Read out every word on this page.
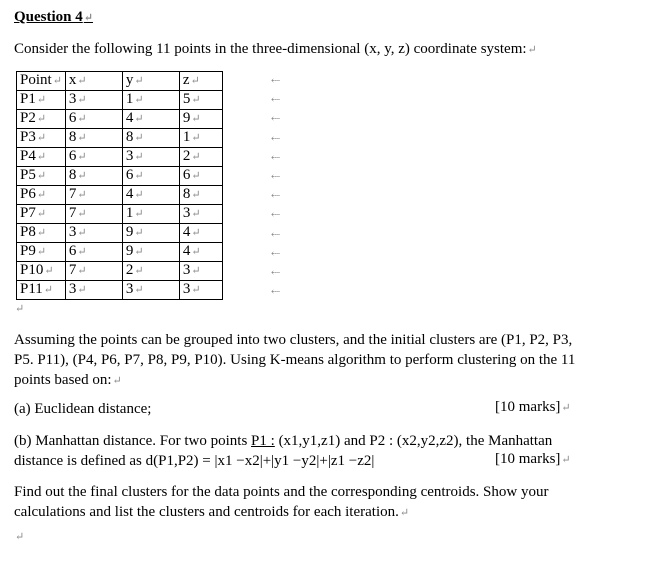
Question 4↵
Consider the following 11 points in the three-dimensional (x, y, z) coordinate system:↵
Point↵	x↵	y↵	z↵
P1↵	3↵	1↵	5↵
P2↵	6↵	4↵	9↵
P3↵	8↵	8↵	1↵
P4↵	6↵	3↵	2↵
P5↵	8↵	6↵	6↵
P6↵	7↵	4↵	8↵
P7↵	7↵	1↵	3↵
P8↵	3↵	9↵	4↵
P9↵	6↵	9↵	4↵
P10↵	7↵	2↵	3↵
P11↵	3↵	3↵	3↵
⇠
⇠
⇠
⇠
⇠
⇠
⇠
⇠
⇠
⇠
⇠
⇠
↵
Assuming the points can be grouped into two clusters, and the initial clusters are (P1, P2, P3,
P5. P11), (P4, P6, P7, P8, P9, P10). Using K-means algorithm to perform clustering on the 11
points based on:↵
(a) Euclidean distance;	[10 marks]↵
(b) Manhattan distance. For two points P1 : (x1,y1,z1) and P2 : (x2,y2,z2), the Manhattan
distance is defined as d(P1,P2) = |x1 −x2|+|y1 −y2|+|z1 −z2|	[10 marks]↵
Find out the final clusters for the data points and the corresponding centroids. Show your
calculations and list the clusters and centroids for each iteration.↵
↵
